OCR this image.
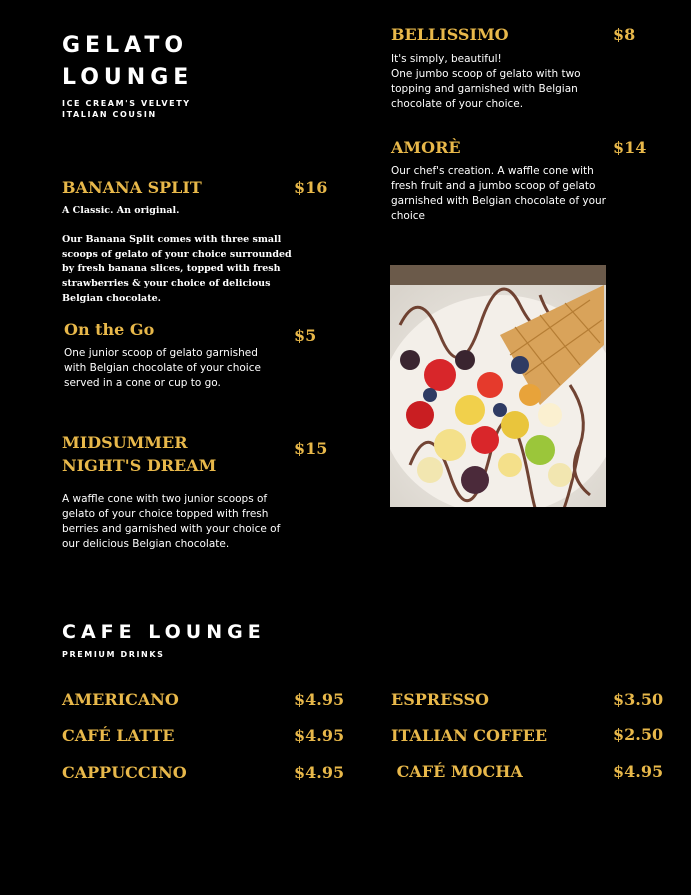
GELATO
LOUNGE
ICE CREAM'S VELVETY
ITALIAN COUSIN
BANANA SPLIT	$16
A Classic. An original.

Our Banana Split comes with three small scoops of gelato of your choice surrounded by fresh banana slices, topped with fresh strawberries & your choice of delicious Belgian chocolate.
On the Go	$5
One junior scoop of gelato garnished with Belgian chocolate of your choice served in a cone or cup to go.
MIDSUMMER NIGHT'S DREAM
$15
A waffle cone with two junior scoops of gelato of your choice topped with fresh berries and garnished with your choice of our delicious Belgian chocolate.
BELLISSIMO	$8
It's simply, beautiful!
One jumbo scoop of gelato with two topping and garnished with Belgian chocolate of your choice.
AMORÈ	$14
Our chef's creation. A waffle cone with fresh fruit and a jumbo scoop of gelato garnished with Belgian chocolate of your choice
CAFE LOUNGE
PREMIUM DRINKS
AMERICANO	$4.95
CAFÉ LATTE	$4.95
CAPPUCCINO	$4.95
ESPRESSO	$3.50
ITALIAN COFFEE	$2.50
CAFÉ MOCHA	$4.95
